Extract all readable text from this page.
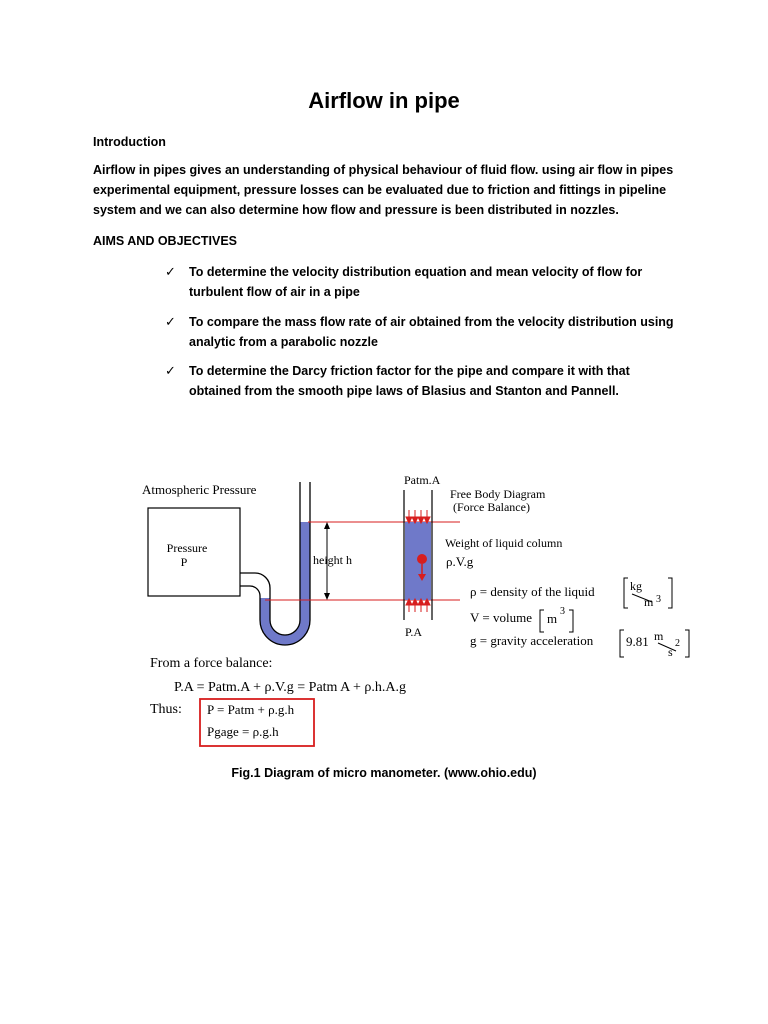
Airflow in pipe
Introduction
Airflow in pipes gives an understanding of physical behaviour of fluid flow. using air flow in pipes experimental equipment, pressure losses can be evaluated due to friction and fittings in pipeline system and we can also determine how flow and pressure is been distributed in nozzles.
AIMS AND OBJECTIVES
✓ To determine the velocity distribution equation and mean velocity of flow for turbulent flow of air in a pipe
✓ To compare the mass flow rate of air obtained from the velocity distribution using analytic from a parabolic nozzle
✓ To determine the Darcy friction factor for the pipe and compare it with that obtained from the smooth pipe laws of Blasius and Stanton and Pannell.
Atmospheric Pressure
Pressure
P	height h
Patm.A
P.A
Free Body Diagram
(Force Balance)
Weight of liquid column
ρ.V.g
ρ = density of the liquid	kg
m 3
V = volume m 3
g = gravity acceleration	9.81 m
s
2
From a force balance:
P.A = Patm.A + ρ.V.g = Patm A + ρ.h.A.g
Thus: P = Patm + ρ.g.h
Pgage = ρ.g.h
Fig.1 Diagram of micro manometer. (www.ohio.edu)
